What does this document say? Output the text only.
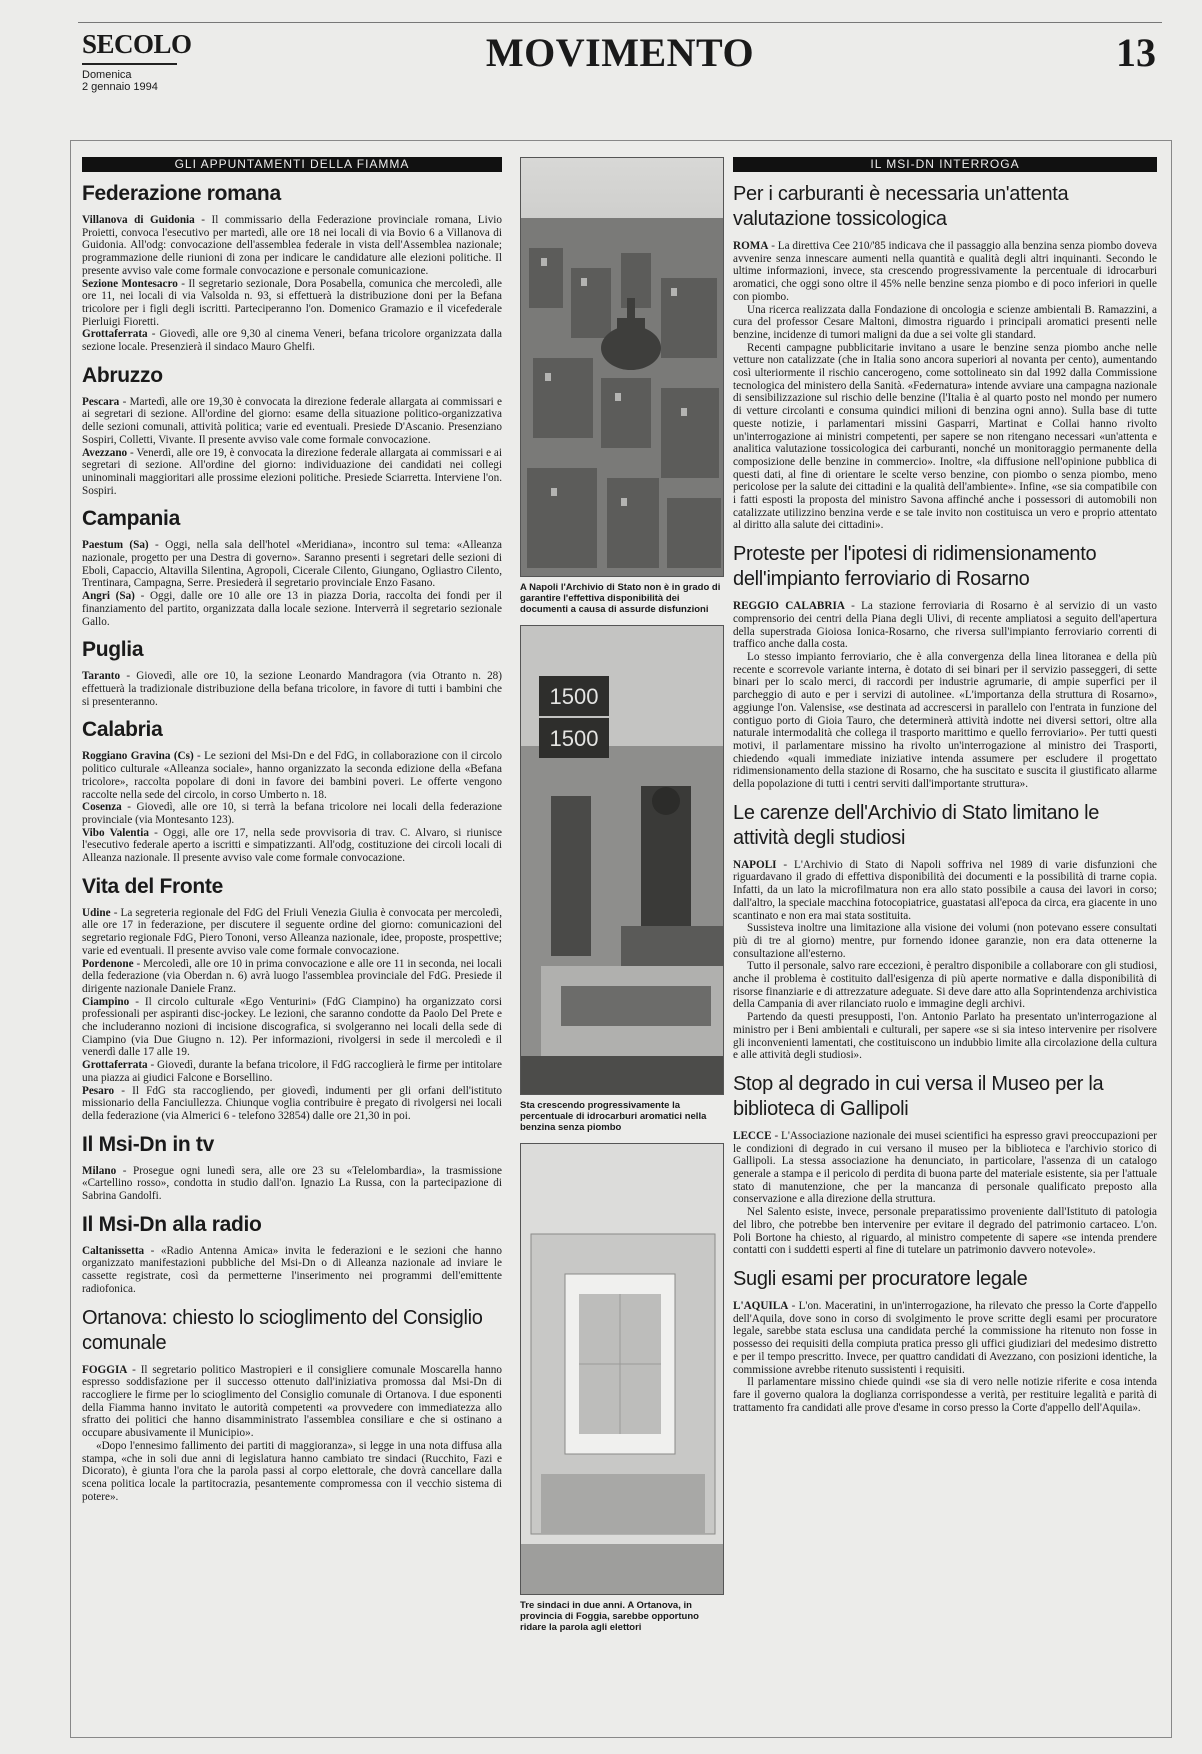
SECOLO
Domenica
2 gennaio 1994
MOVIMENTO	13
GLI APPUNTAMENTI DELLA FIAMMA
Federazione romana

Villanova di Guidonia - Il commissario della Federazione provinciale romana, Livio Proietti, convoca l'esecutivo per martedì, alle ore 18 nei locali di via Bovio 6 a Villanova di Guidonia. All'odg: convocazione dell'assemblea federale in vista dell'Assemblea nazionale; programmazione delle riunioni di zona per indicare le candidature alle elezioni politiche. Il presente avviso vale come formale convocazione e personale comunicazione.

Sezione Montesacro - Il segretario sezionale, Dora Posabella, comunica che mercoledì, alle ore 11, nei locali di via Valsolda n. 93, si effettuerà la distribuzione doni per la Befana tricolore per i figli degli iscritti. Parteciperanno l'on. Domenico Gramazio e il vicefederale Pierluigi Fioretti.

Grottaferrata - Giovedì, alle ore 9,30 al cinema Veneri, befana tricolore organizzata dalla sezione locale. Presenzierà il sindaco Mauro Ghelfi.

Abruzzo

Pescara - Martedì, alle ore 19,30 è convocata la direzione federale allargata ai commissari e ai segretari di sezione. All'ordine del giorno: esame della situazione politico-organizzativa delle sezioni comunali, attività politica; varie ed eventuali. Presiede D'Ascanio. Presenziano Sospiri, Colletti, Vivante. Il presente avviso vale come formale convocazione.

Avezzano - Venerdì, alle ore 19, è convocata la direzione federale allargata ai commissari e ai segretari di sezione. All'ordine del giorno: individuazione dei candidati nei collegi uninominali maggioritari alle prossime elezioni politiche. Presiede Sciarretta. Interviene l'on. Sospiri.

Campania

Paestum (Sa) - Oggi, nella sala dell'hotel «Meridiana», incontro sul tema: «Alleanza nazionale, progetto per una Destra di governo». Saranno presenti i segretari delle sezioni di Eboli, Capaccio, Altavilla Silentina, Agropoli, Cicerale Cilento, Giungano, Ogliastro Cilento, Trentinara, Campagna, Serre. Presiederà il segretario provinciale Enzo Fasano.

Angri (Sa) - Oggi, dalle ore 10 alle ore 13 in piazza Doria, raccolta dei fondi per il finanziamento del partito, organizzata dalla locale sezione. Interverrà il segretario sezionale Gallo.

Puglia

Taranto - Giovedì, alle ore 10, la sezione Leonardo Mandragora (via Otranto n. 28) effettuerà la tradizionale distribuzione della befana tricolore, in favore di tutti i bambini che si presenteranno.

Calabria

Roggiano Gravina (Cs) - Le sezioni del Msi-Dn e del FdG, in collaborazione con il circolo politico culturale «Alleanza sociale», hanno organizzato la seconda edizione della «Befana tricolore», raccolta popolare di doni in favore dei bambini poveri. Le offerte vengono raccolte nella sede del circolo, in corso Umberto n. 18.

Cosenza - Giovedì, alle ore 10, si terrà la befana tricolore nei locali della federazione provinciale (via Montesanto 123).

Vibo Valentia - Oggi, alle ore 17, nella sede provvisoria di trav. C. Alvaro, si riunisce l'esecutivo federale aperto a iscritti e simpatizzanti. All'odg, costituzione dei circoli locali di Alleanza nazionale. Il presente avviso vale come formale convocazione.

Vita del Fronte

Udine - La segreteria regionale del FdG del Friuli Venezia Giulia è convocata per mercoledì, alle ore 17 in federazione, per discutere il seguente ordine del giorno: comunicazioni del segretario regionale FdG, Piero Tononi, verso Alleanza nazionale, idee, proposte, prospettive; varie ed eventuali. Il presente avviso vale come formale convocazione.

Pordenone - Mercoledì, alle ore 10 in prima convocazione e alle ore 11 in seconda, nei locali della federazione (via Oberdan n. 6) avrà luogo l'assemblea provinciale del FdG. Presiede il dirigente nazionale Daniele Franz.

Ciampino - Il circolo culturale «Ego Venturini» (FdG Ciampino) ha organizzato corsi professionali per aspiranti disc-jockey. Le lezioni, che saranno condotte da Paolo Del Prete e che includeranno nozioni di incisione discografica, si svolgeranno nei locali della sede di Ciampino (via Due Giugno n. 12). Per informazioni, rivolgersi in sede il mercoledì e il venerdì dalle 17 alle 19.

Grottaferrata - Giovedì, durante la befana tricolore, il FdG raccoglierà le firme per intitolare una piazza ai giudici Falcone e Borsellino.

Pesaro - Il FdG sta raccogliendo, per giovedì, indumenti per gli orfani dell'istituto missionario della Fanciullezza. Chiunque voglia contribuire è pregato di rivolgersi nei locali della federazione (via Almerici 6 - telefono 32854) dalle ore 21,30 in poi.

Il Msi-Dn in tv

Milano - Prosegue ogni lunedì sera, alle ore 23 su «Telelombardia», la trasmissione «Cartellino rosso», condotta in studio dall'on. Ignazio La Russa, con la partecipazione di Sabrina Gandolfi.

Il Msi-Dn alla radio

Caltanissetta - «Radio Antenna Amica» invita le federazioni e le sezioni che hanno organizzato manifestazioni pubbliche del Msi-Dn o di Alleanza nazionale ad inviare le cassette registrate, così da permetterne l'inserimento nei programmi dell'emittente radiofonica.

Ortanova: chiesto lo scioglimento del Consiglio comunale

FOGGIA - Il segretario politico Mastropieri e il consigliere comunale Moscarella hanno espresso soddisfazione per il successo ottenuto dall'iniziativa promossa dal Msi-Dn di raccogliere le firme per lo scioglimento del Consiglio comunale di Ortanova. I due esponenti della Fiamma hanno invitato le autorità competenti «a provvedere con immediatezza allo sfratto dei politici che hanno disamministrato l'assemblea consiliare e che si ostinano a occupare abusivamente il Municipio».

«Dopo l'ennesimo fallimento dei partiti di maggioranza», si legge in una nota diffusa alla stampa, «che in soli due anni di legislatura hanno cambiato tre sindaci (Rucchito, Fazi e Dicorato), è giunta l'ora che la parola passi al corpo elettorale, che dovrà cancellare dalla scena politica locale la partitocrazia, pesantemente compromessa con il vecchio sistema di potere».

A Napoli l'Archivio di Stato non è in grado di garantire l'effettiva disponibilità dei documenti a causa di assurde disfunzioni
1500
1500
Sta crescendo progressivamente la percentuale di idrocarburi aromatici nella benzina senza piombo
Tre sindaci in due anni. A Ortanova, in provincia di Foggia, sarebbe opportuno ridare la parola agli elettori
IL MSI-DN INTERROGA
Per i carburanti è necessaria un'attenta valutazione tossicologica

ROMA - La direttiva Cee 210/'85 indicava che il passaggio alla benzina senza piombo doveva avvenire senza innescare aumenti nella quantità e qualità degli altri inquinanti. Secondo le ultime informazioni, invece, sta crescendo progressivamente la percentuale di idrocarburi aromatici, che oggi sono oltre il 45% nelle benzine senza piombo e di poco inferiori in quelle con piombo.

Una ricerca realizzata dalla Fondazione di oncologia e scienze ambientali B. Ramazzini, a cura del professor Cesare Maltoni, dimostra riguardo i principali aromatici presenti nelle benzine, incidenze di tumori maligni da due a sei volte gli standard.

Recenti campagne pubblicitarie invitano a usare le benzine senza piombo anche nelle vetture non catalizzate (che in Italia sono ancora superiori al novanta per cento), aumentando così ulteriormente il rischio cancerogeno, come sottolineato sin dal 1992 dalla Commissione tecnologica del ministero della Sanità. «Federnatura» intende avviare una campagna nazionale di sensibilizzazione sul rischio delle benzine (l'Italia è al quarto posto nel mondo per numero di vetture circolanti e consuma quindici milioni di benzina ogni anno). Sulla base di tutte queste notizie, i parlamentari missini Gasparri, Martinat e Collai hanno rivolto un'interrogazione ai ministri competenti, per sapere se non ritengano necessari «un'attenta e analitica valutazione tossicologica dei carburanti, nonché un monitoraggio permanente della composizione delle benzine in commercio». Inoltre, «la diffusione nell'opinione pubblica di questi dati, al fine di orientare le scelte verso benzine, con piombo o senza piombo, meno pericolose per la salute dei cittadini e la qualità dell'ambiente». Infine, «se sia compatibile con i fatti esposti la proposta del ministro Savona affinché anche i possessori di automobili non catalizzate utilizzino benzina verde e se tale invito non costituisca un vero e proprio attentato al diritto alla salute dei cittadini».

Proteste per l'ipotesi di ridimensionamento dell'impianto ferroviario di Rosarno

REGGIO CALABRIA - La stazione ferroviaria di Rosarno è al servizio di un vasto comprensorio dei centri della Piana degli Ulivi, di recente ampliatosi a seguito dell'apertura della superstrada Gioiosa Ionica-Rosarno, che riversa sull'impianto ferroviario correnti di traffico anche dalla costa.

Lo stesso impianto ferroviario, che è alla convergenza della linea litoranea e della più recente e scorrevole variante interna, è dotato di sei binari per il servizio passeggeri, di sette binari per lo scalo merci, di raccordi per industrie agrumarie, di ampie superfici per il parcheggio di auto e per i servizi di autolinee. «L'importanza della struttura di Rosarno», aggiunge l'on. Valensise, «se destinata ad accrescersi in parallelo con l'entrata in funzione del contiguo porto di Gioia Tauro, che determinerà attività indotte nei diversi settori, oltre alla naturale intermodalità che collega il trasporto marittimo e quello ferroviario». Per tutti questi motivi, il parlamentare missino ha rivolto un'interrogazione al ministro dei Trasporti, chiedendo «quali immediate iniziative intenda assumere per escludere il progettato ridimensionamento della stazione di Rosarno, che ha suscitato e suscita il giustificato allarme della popolazione di tutti i centri serviti dall'importante struttura».

Le carenze dell'Archivio di Stato limitano le attività degli studiosi

NAPOLI - L'Archivio di Stato di Napoli soffriva nel 1989 di varie disfunzioni che riguardavano il grado di effettiva disponibilità dei documenti e la possibilità di trarne copia. Infatti, da un lato la microfilmatura non era allo stato possibile a causa dei lavori in corso; dall'altro, la speciale macchina fotocopiatrice, guastatasi all'epoca da circa, era giacente in uno scantinato e non era mai stata sostituita.

Sussisteva inoltre una limitazione alla visione dei volumi (non potevano essere consultati più di tre al giorno) mentre, pur fornendo idonee garanzie, non era data ottenerne la consultazione all'esterno.

Tutto il personale, salvo rare eccezioni, è peraltro disponibile a collaborare con gli studiosi, anche il problema è costituito dall'esigenza di più aperte normative e dalla disponibilità di risorse finanziarie e di attrezzature adeguate. Si deve dare atto alla Soprintendenza archivistica della Campania di aver rilanciato ruolo e immagine degli archivi.

Partendo da questi presupposti, l'on. Antonio Parlato ha presentato un'interrogazione al ministro per i Beni ambientali e culturali, per sapere «se si sia inteso intervenire per risolvere gli inconvenienti lamentati, che costituiscono un indubbio limite alla circolazione della cultura e alle attività degli studiosi».

Stop al degrado in cui versa il Museo per la biblioteca di Gallipoli

LECCE - L'Associazione nazionale dei musei scientifici ha espresso gravi preoccupazioni per le condizioni di degrado in cui versano il museo per la biblioteca e l'archivio storico di Gallipoli. La stessa associazione ha denunciato, in particolare, l'assenza di un catalogo generale a stampa e il pericolo di perdita di buona parte del materiale esistente, sia per l'attuale stato di manutenzione, che per la mancanza di personale qualificato preposto alla conservazione e alla direzione della struttura.

Nel Salento esiste, invece, personale preparatissimo proveniente dall'Istituto di patologia del libro, che potrebbe ben intervenire per evitare il degrado del patrimonio cartaceo. L'on. Poli Bortone ha chiesto, al riguardo, al ministro competente di sapere «se intenda prendere contatti con i suddetti esperti al fine di tutelare un patrimonio davvero notevole».

Sugli esami per procuratore legale

L'AQUILA - L'on. Maceratini, in un'interrogazione, ha rilevato che presso la Corte d'appello dell'Aquila, dove sono in corso di svolgimento le prove scritte degli esami per procuratore legale, sarebbe stata esclusa una candidata perché la commissione ha ritenuto non fosse in possesso dei requisiti della compiuta pratica presso gli uffici giudiziari del medesimo distretto e per il tempo prescritto. Invece, per quattro candidati di Avezzano, con posizioni identiche, la commissione avrebbe ritenuto sussistenti i requisiti.

Il parlamentare missino chiede quindi «se sia di vero nelle notizie riferite e cosa intenda fare il governo qualora la doglianza corrispondesse a verità, per restituire legalità e parità di trattamento fra candidati alle prove d'esame in corso presso la Corte d'appello dell'Aquila».
